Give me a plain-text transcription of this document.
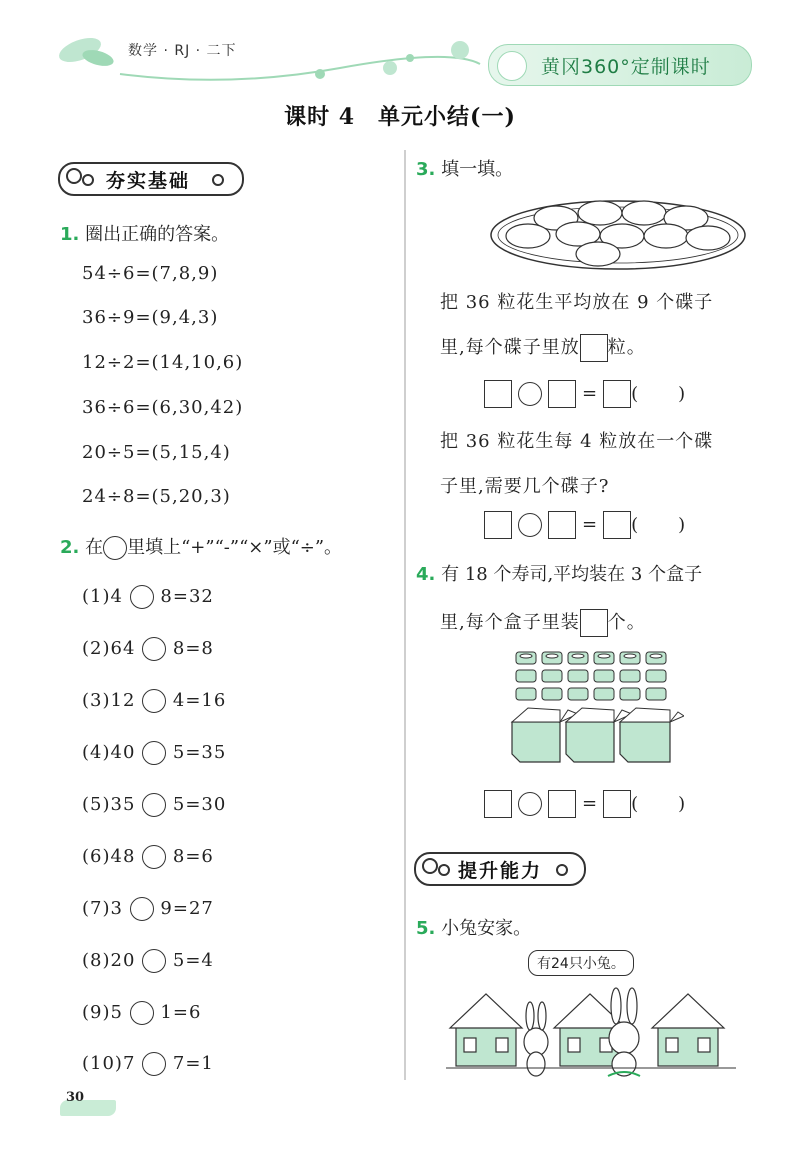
数学 · RJ · 二下
黄冈360°定制课时
课时 4　单元小结(一)
夯实基础
1. 圈出正确的答案。
54÷6=(7,8,9)
36÷9=(9,4,3)
12÷2=(14,10,6)
36÷6=(6,30,42)
20÷5=(5,15,4)
24÷8=(5,20,3)
2. 在 里填上“+”“-”“×”或“÷”。
(1)4 8=32
(2)64 8=8
(3)12 4=16
(4)40 5=35
(5)35 5=30
(6)48 8=6
(7)3 9=27
(8)20 5=4
(9)5 1=6
(10)7 7=1
3. 填一填。
把 36 粒花生平均放在 9 个碟子
里,每个碟子里放 粒。
= ( )
把 36 粒花生每 4 粒放在一个碟
子里,需要几个碟子?
= ( )
4. 有 18 个寿司,平均装在 3 个盒子
里,每个盒子里装 个。
= ( )
提升能力
5. 小兔安家。
有24只小兔。
30
